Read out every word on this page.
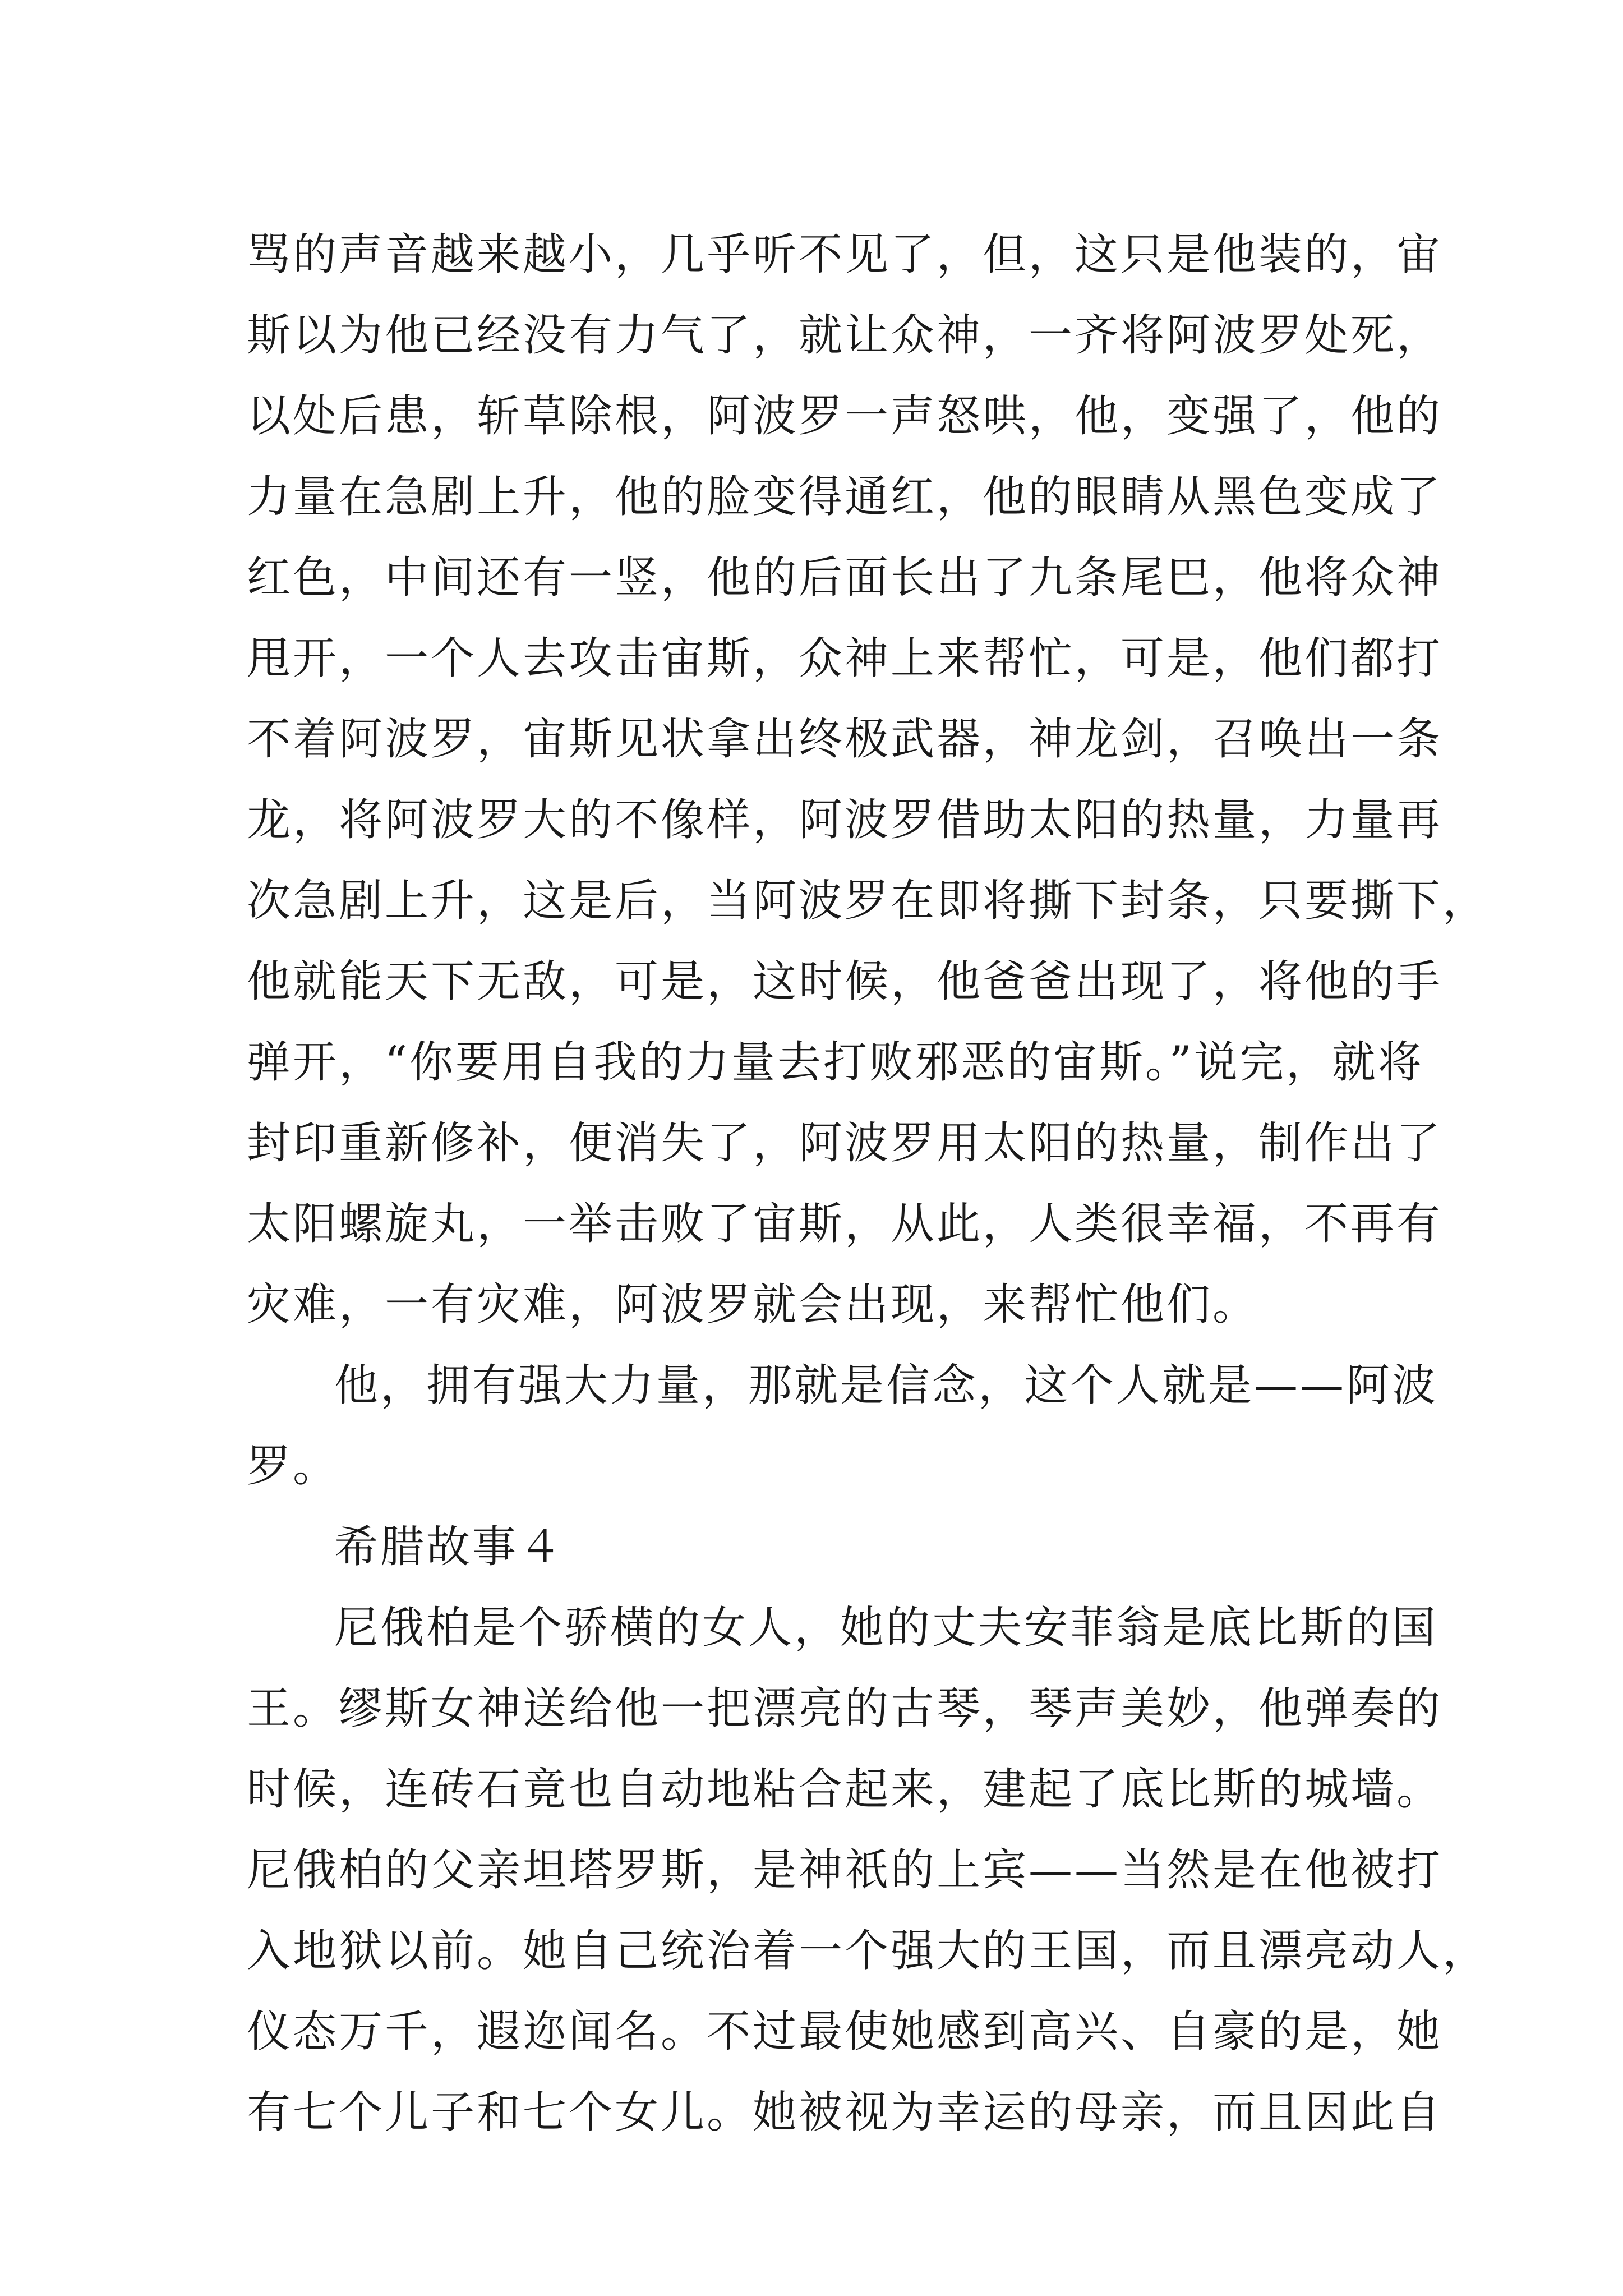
骂的声音越来越小，几乎听不见了，但，这只是他装的，宙
斯以为他已经没有力气了，就让众神，一齐将阿波罗处死，
以处后患，斩草除根，阿波罗一声怒哄，他，变强了，他的
力量在急剧上升，他的脸变得通红，他的眼睛从黑色变成了
红色，中间还有一竖，他的后面长出了九条尾巴，他将众神
甩开，一个人去攻击宙斯，众神上来帮忙，可是，他们都打
不着阿波罗，宙斯见状拿出终极武器，神龙剑，召唤出一条
龙，将阿波罗大的不像样，阿波罗借助太阳的热量，力量再
次急剧上升，这是后，当阿波罗在即将撕下封条，只要撕下，
他就能天下无敌，可是，这时候，他爸爸出现了，将他的手
弹开，“你要用自我的力量去打败邪恶的宙斯。”说完，就将
封印重新修补，便消失了，阿波罗用太阳的热量，制作出了
太阳螺旋丸，一举击败了宙斯，从此，人类很幸福，不再有
灾难，一有灾难，阿波罗就会出现，来帮忙他们。
他，拥有强大力量，那就是信念，这个人就是——阿波
罗。
希腊故事４
尼俄柏是个骄横的女人，她的丈夫安菲翁是底比斯的国
王。缪斯女神送给他一把漂亮的古琴，琴声美妙，他弹奏的
时候，连砖石竟也自动地粘合起来，建起了底比斯的城墙。
尼俄柏的父亲坦塔罗斯，是神祇的上宾——当然是在他被打
入地狱以前。她自己统治着一个强大的王国，而且漂亮动人，
仪态万千，遐迩闻名。不过最使她感到高兴、自豪的是，她
有七个儿子和七个女儿。她被视为幸运的母亲，而且因此自
